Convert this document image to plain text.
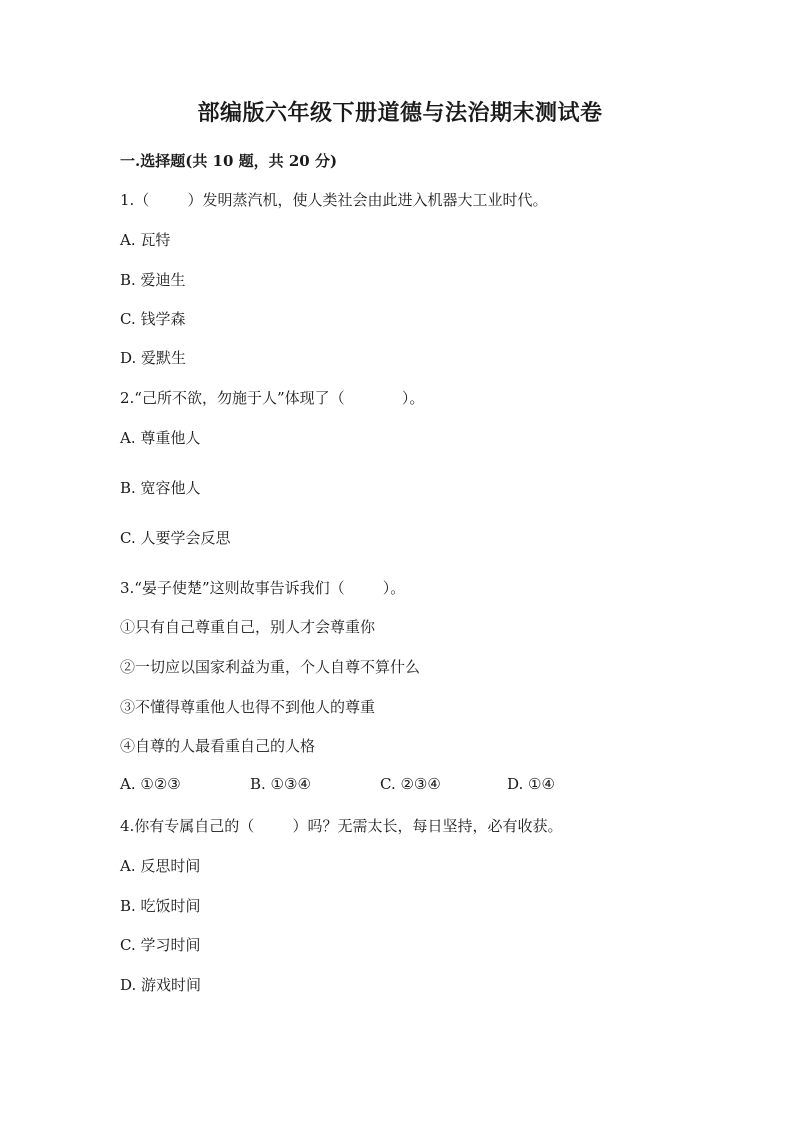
部编版六年级下册道德与法治期末测试卷
一.选择题(共 10 题，共 20 分)
1.（        ）发明蒸汽机，使人类社会由此进入机器大工业时代。
A. 瓦特
B. 爱迪生
C. 钱学森
D. 爱默生
2.“己所不欲，勿施于人”体现了（            ）。
A. 尊重他人
B. 宽容他人
C. 人要学会反思
3.“晏子使楚”这则故事告诉我们（        ）。
①只有自己尊重自己，别人才会尊重你
②一切应以国家利益为重，个人自尊不算什么
③不懂得尊重他人也得不到他人的尊重
④自尊的人最看重自己的人格

A. ①②③

	B. ①③④

	C. ②③④

	D. ①④

4.你有专属自己的（        ）吗？无需太长，每日坚持，必有收获。
A. 反思时间
B. 吃饭时间
C. 学习时间
D. 游戏时间
